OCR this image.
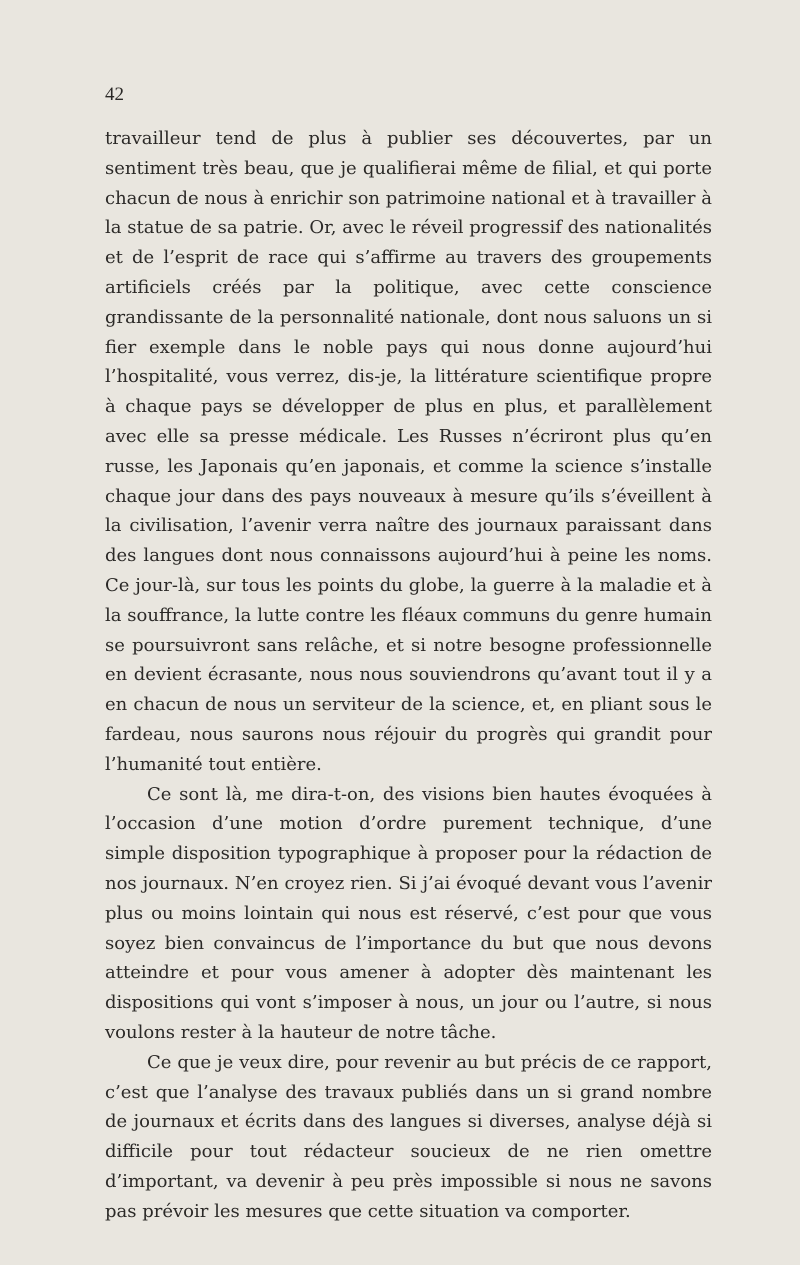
42

travailleur tend de plus à publier ses découvertes, par un sentiment très beau, que je qualifierai même de filial, et qui porte chacun de nous à enrichir son patrimoine national et à travailler à la statue de sa patrie. Or, avec le réveil progressif des nationalités et de l’esprit de race qui s’affirme au travers des groupements artificiels créés par la politique, avec cette conscience grandissante de la personnalité nationale, dont nous saluons un si fier exemple dans le noble pays qui nous donne aujourd’hui l’hospitalité, vous verrez, dis-je, la littérature scientifique propre à chaque pays se développer de plus en plus, et parallèlement avec elle sa presse médicale. Les Russes n’écriront plus qu’en russe, les Japonais qu’en japonais, et comme la science s’installe chaque jour dans des pays nouveaux à mesure qu’ils s’éveillent à la civilisation, l’avenir verra naître des journaux paraissant dans des langues dont nous connaissons aujourd’hui à peine les noms. Ce jour-là, sur tous les points du globe, la guerre à la maladie et à la souffrance, la lutte contre les fléaux communs du genre humain se poursuivront sans relâche, et si notre besogne professionnelle en devient écrasante, nous nous souviendrons qu’avant tout il y a en chacun de nous un serviteur de la science, et, en pliant sous le fardeau, nous saurons nous réjouir du progrès qui grandit pour l’humanité tout entière.

Ce sont là, me dira-t-on, des visions bien hautes évoquées à l’occasion d’une motion d’ordre purement technique, d’une simple disposition typographique à proposer pour la rédaction de nos journaux. N’en croyez rien. Si j’ai évoqué devant vous l’avenir plus ou moins lointain qui nous est réservé, c’est pour que vous soyez bien convaincus de l’importance du but que nous devons atteindre et pour vous amener à adopter dès maintenant les dispositions qui vont s’imposer à nous, un jour ou l’autre, si nous voulons rester à la hauteur de notre tâche.

Ce que je veux dire, pour revenir au but précis de ce rapport, c’est que l’analyse des travaux publiés dans un si grand nombre de journaux et écrits dans des langues si diverses, analyse déjà si difficile pour tout rédacteur soucieux de ne rien omettre d’important, va devenir à peu près impossible si nous ne savons pas prévoir les mesures que cette situation va comporter.
